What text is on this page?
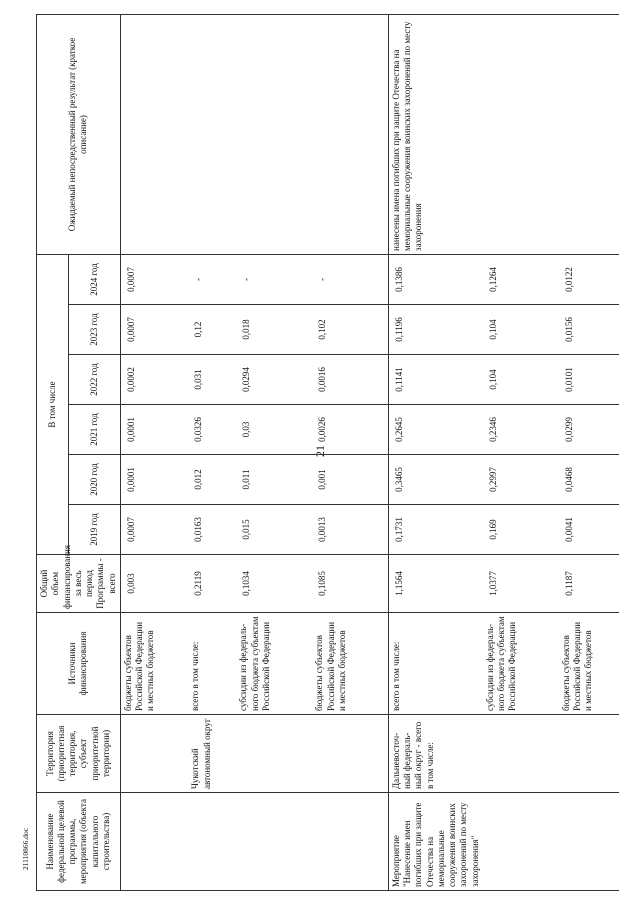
21
21110866.doc	Наименование федеральной целевой программы, мероприятия (объекта капитального строительства)	Территория (приоритетная территория, субъект приоритетной территории)	Источники финансирования	Общий объем финансирования за весь период Программы - всего	В том числе						Ожидаемый непосредственный результат (краткое описание)
				2019 год	2020 год	2021 год	2022 год	2023 год	2024 год	
		бюджеты субъектов Российской Федерации и местных бюджетов	0,003	0,0007	0,0001	0,0001	0,0002	0,0007	0,0007	
	Чукотский автономный округ	всего в том числе:	0,2119	0,0163	0,012	0,0326	0,031	0,12	-	
		субсидии из федераль-ного бюджета субъектам Российской Федерации	0,1034	0,015	0,011	0,03	0,0294	0,018	-	
		бюджеты субъектов Российской Федерации и местных бюджетов	0,1085	0,0013	0,001	0,0026	0,0016	0,102	-	
Мероприятие "Нанесение имен погибших при защите Отечества на мемориальные сооружения воинских захоронений по месту захоронения"	Дальневосточ-ный федераль-ный округ - всего в том числе:	всего в том числе:	1,1564	0,1731	0,3465	0,2645	0,1141	0,1196	0,1386	нанесены имена погибших при защите Отечества на мемориальные сооружения воинских захоронений по месту захоронения
		субсидии из федераль-ного бюджета субъектам Российской Федерации	1,0377	0,169	0,2997	0,2346	0,104	0,104	0,1264	
		бюджеты субъектов Российской Федерации и местных бюджетов	0,1187	0,0041	0,0468	0,0299	0,0101	0,0156	0,0122	
